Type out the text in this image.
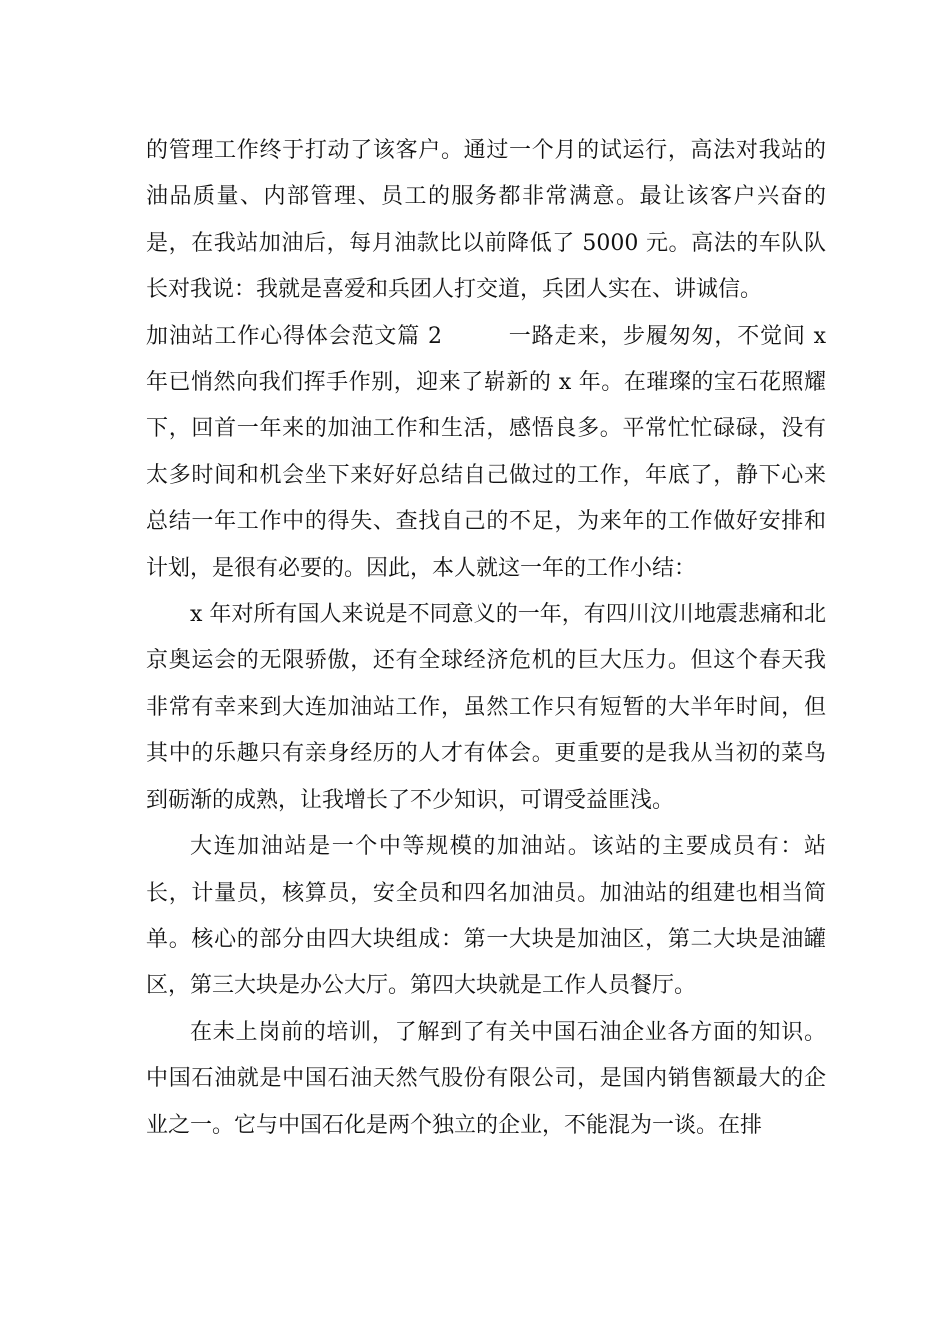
的管理工作终于打动了该客户。通过一个月的试运行，高法对我站的油品质量、内部管理、员工的服务都非常满意。最让该客户兴奋的是，在我站加油后，每月油款比以前降低了 5000 元。高法的车队队长对我说：我就是喜爱和兵团人打交道，兵团人实在、讲诚信。

加油站工作心得体会范文篇 2	一路走来，步履匆匆，不觉间 x 年已悄然向我们挥手作别，迎来了崭新的 x 年。在璀璨的宝石花照耀下，回首一年来的加油工作和生活，感悟良多。平常忙忙碌碌，没有太多时间和机会坐下来好好总结自己做过的工作，年底了，静下心来总结一年工作中的得失、查找自己的不足，为来年的工作做好安排和计划，是很有必要的。因此，本人就这一年的工作小结：

x 年对所有国人来说是不同意义的一年，有四川汶川地震悲痛和北京奥运会的无限骄傲，还有全球经济危机的巨大压力。但这个春天我非常有幸来到大连加油站工作，虽然工作只有短暂的大半年时间，但其中的乐趣只有亲身经历的人才有体会。更重要的是我从当初的菜鸟到砺渐的成熟，让我增长了不少知识，可谓受益匪浅。

大连加油站是一个中等规模的加油站。该站的主要成员有：站长，计量员，核算员，安全员和四名加油员。加油站的组建也相当简单。核心的部分由四大块组成：第一大块是加油区，第二大块是油罐区，第三大块是办公大厅。第四大块就是工作人员餐厅。

在未上岗前的培训，了解到了有关中国石油企业各方面的知识。中国石油就是中国石油天然气股份有限公司，是国内销售额最大的企业之一。它与中国石化是两个独立的企业，不能混为一谈。在排
